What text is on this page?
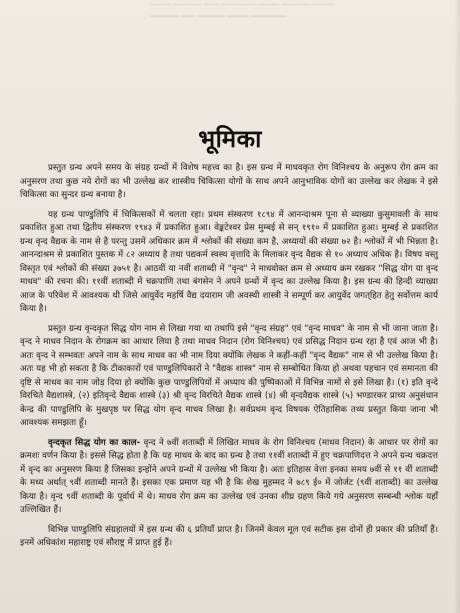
▔▔▔ ▔▔▔▔ ▔▔ ▔▔▔▔▔ ▔▔▔ ▔▔▔▔ ▔▔▔
▔▔▔▔ ▔▔ ▔▔▔▔ ▔▔▔ ▔▔▔▔▔
भूमिका

प्रस्तुत ग्रन्थ अपने समय के संग्रह ग्रन्थों में विशेष महत्त्व का है। इस ग्रन्थ में माधवकृत रोग विनिश्चय के अनुरूप रोग क्रम का अनुसरण तथा कुछ नये रोगों का भी उल्लेख कर शास्त्रीय चिकित्सा योगों के साथ अपने आनुभाविक योगों का उल्लेख कर लेखक ने इसे चिकित्सा का सुन्दर ग्रन्थ बनाया है।

यह ग्रन्थ पाण्डुलिपि में चिकित्सकों में चलता रहा। प्रथम संस्करण १८९४ में आनन्दाश्रम पूना से व्याख्या कुसुमावली के साथ प्रकाशित हुआ तथा द्वितीय संस्करण १९४३ में प्रकाशित हुआ। वेङ्कटेश्वर प्रेस मुम्बई से सन् १९१० में प्रकाशित हुआ। मुम्बई से प्रकाशित ग्रन्थ वृन्द वैद्यक के नाम से है परन्तु उसमें अधिकार क्रम में श्लोकों की संख्या कम है, अध्यायों की संख्या ७२ है। श्लोकों में भी भिन्नता है। आनन्दाश्रम से प्रकाशित पुस्तक में ८२ अध्याय है तथा पद्यकर्म स्वस्थ वृत्तादि के मिलाकर वृन्द वैद्यक से १० अध्याय अधिक है। विषय वस्तु विस्तृत एवं श्लोकों की संख्या ३७५१ है। आठवीं या नवीं शताब्दी में "वृन्द" ने माधवोक्त क्रम से अध्याय क्रम रखकर "सिद्ध योग या वृन्द माधव" की रचना की। ११वीं शताब्दी में चक्रपाणि तथा बंगसेन ने अपने ग्रन्थों में वृन्द का उल्लेख किया है। इस ग्रन्थ की हिन्दी व्याख्या आज के परिवेश में आवश्यक थी जिसे आयुर्वेद महर्षि वैद्य दयाराम जी अवस्थी शास्त्री ने सम्पूर्ण कर आयुर्वेद जगत्‌हित हेतु सर्वोत्तम कार्य किया है।

प्रस्तुत ग्रन्थ वृन्दकृत सिद्ध योग नाम से लिखा गया था तथापि इसे "वृन्द संग्रह" एवं "वृन्द माधव" के नाम से भी जाना जाता है। वृन्द ने माधव निदान के रोगक्रम का आधार लिया है तथा माधव निदान (रोग विनिश्चय) एवं प्रसिद्ध निदान ग्रन्थ रहा है एवं आज भी है। अतः वृन्द ने सम्भवतः अपने नाम के साथ माधव का भी नाम दिया क्योंकि लेखक ने कहीं-कहीं "वृन्द वैद्यक" नाम से भी उल्लेख किया है। अतः यह भी हो सकता है कि टीकाकारों एवं पाण्डुलिपिकारों ने "वैद्यक शास्त्र" नाम से सम्बोधित किया हो अथवा पहचान एवं समानता की दृष्टि से माधव का नाम जोड़ दिया हो क्योंकि कुछ पाण्डुलिपियों में अध्याय की पुष्पिकाओं में विभिन्न नामों से इसे लिखा है। (१) इति वृन्दे विरचिते वैद्यशास्त्रे, (२) इतिवृन्दे वैद्यक शास्त्रे (३) श्री वृन्द विरचिते वैद्यक शास्त्रे (४) श्री वृन्दवैद्यक शास्त्रे (५) भण्डारकर प्राच्य अनुसंधान केन्द्र की पाण्डुलिपि के मुखपृष्ठ पर सिद्ध योग वृन्द माधव लिखा है। सर्वप्रथम वृन्द विषयक ऐतिहासिक तथ्य प्रस्तुत किया जाना भी आवश्यक समझता हूँ।

वृन्दकृत सिद्ध योग का काल- वृन्द ने ७वीं शताब्दी में लिखित माधव के रोग विनिश्चय (माधव निदान) के आधार पर रोगों का क्रमशः वर्णन किया है। इससे सिद्ध होता है कि यह माधव के बाद का ग्रन्थ है तथा ११वीं शताब्दी में हुए चक्रपाणिदत्त ने अपने ग्रन्थ चक्रदत्त में वृन्द का अनुसरण किया है जिसका इन्होंने अपने ग्रन्थों में उल्लेख भी किया है। अतः इतिहास वेत्ता इनका समय ७वीं से ११ वीं शताब्दी के मध्य अर्थात् ९वीं शताब्दी मानते हैं। इसका एक प्रमाण यह भी है कि शेख मुहम्मद ने ७८९ ई० में जोर्जट (९वीं शताब्दी) का उल्लेख किया है। वृन्द ९वीं शताब्दी के पूर्वार्ध में थे। माधव रोग क्रम का उल्लेख एवं उनका शीघ्र ग्रहण किये गये अनुसरण सम्बन्धी श्लोक यहाँ उल्लिखित हैं।

विभिन्न पाण्डुलिपि संग्रहालयों में इस ग्रन्थ की ६ प्रतियाँ प्राप्त है। जिनमें केवल मूल एवं सटीक इस दोनों ही प्रकार की प्रतियाँ हैं। इनमें अधिकांश महाराष्ट्र एवं सौराष्ट्र में प्राप्त हुई हैं।
